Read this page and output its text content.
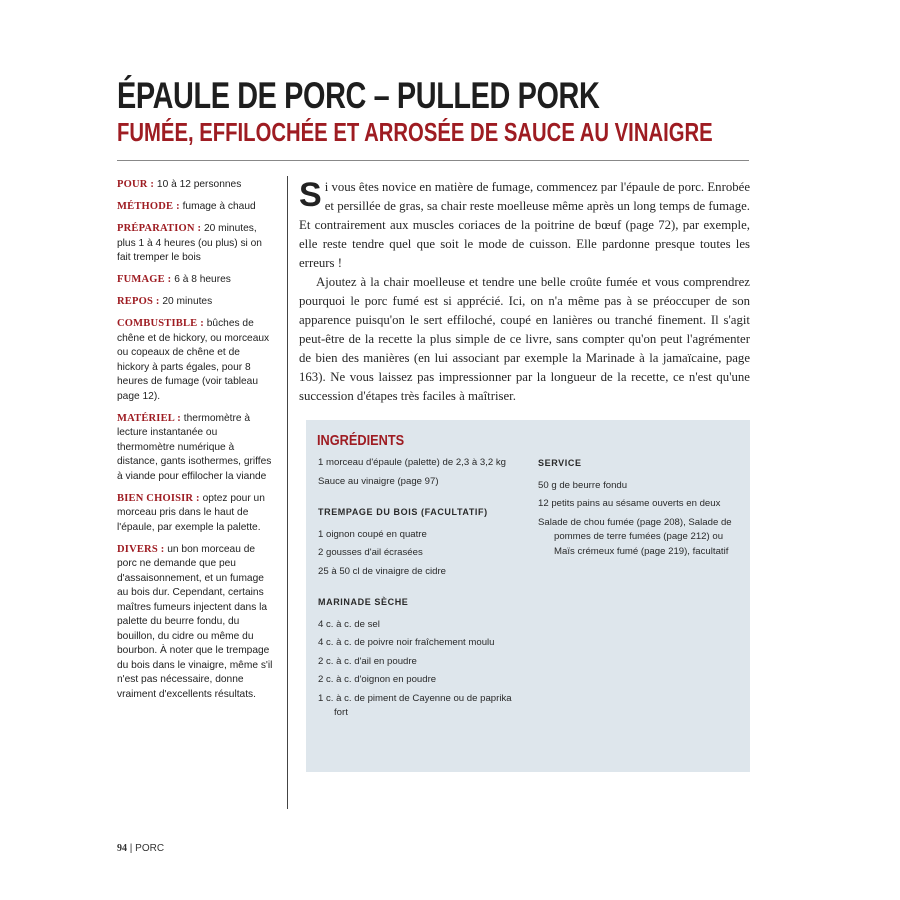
ÉPAULE DE PORC – PULLED PORK
FUMÉE, EFFILOCHÉE ET ARROSÉE DE SAUCE AU VINAIGRE

POUR : 10 à 12 personnes

MÉTHODE : fumage à chaud

PRÉPARATION : 20 minutes, plus 1 à 4 heures (ou plus) si on fait tremper le bois

FUMAGE : 6 à 8 heures

REPOS : 20 minutes

COMBUSTIBLE : bûches de chêne et de hickory, ou morceaux ou copeaux de chêne et de hickory à parts égales, pour 8 heures de fumage (voir tableau page 12).

MATÉRIEL : thermomètre à lecture instantanée ou thermomètre numérique à distance, gants isothermes, griffes à viande pour effilocher la viande

BIEN CHOISIR : optez pour un morceau pris dans le haut de l'épaule, par exemple la palette.

DIVERS : un bon morceau de porc ne demande que peu d'assaisonnement, et un fumage au bois dur. Cependant, certains maîtres fumeurs injectent dans la palette du beurre fondu, du bouillon, du cidre ou même du bourbon. À noter que le trempage du bois dans le vinaigre, même s'il n'est pas nécessaire, donne vraiment d'excellents résultats.

Si vous êtes novice en matière de fumage, commencez par l'épaule de porc. Enrobée et persillée de gras, sa chair reste moelleuse même après un long temps de fumage. Et contrairement aux muscles coriaces de la poitrine de bœuf (page 72), par exemple, elle reste tendre quel que soit le mode de cuisson. Elle pardonne presque toutes les erreurs !

Ajoutez à la chair moelleuse et tendre une belle croûte fumée et vous comprendrez pourquoi le porc fumé est si apprécié. Ici, on n'a même pas à se préoccuper de son apparence puisqu'on le sert effiloché, coupé en lanières ou tranché finement. Il s'agit peut-être de la recette la plus simple de ce livre, sans compter qu'on peut l'agrémenter de bien des manières (en lui associant par exemple la Marinade à la jamaïcaine, page 163). Ne vous laissez pas impressionner par la longueur de la recette, ce n'est qu'une succession d'étapes très faciles à maîtriser.

INGRÉDIENTS
1 morceau d'épaule (palette) de 2,3 à 3,2 kg
Sauce au vinaigre (page 97)
TREMPAGE DU BOIS (FACULTATIF)
1 oignon coupé en quatre
2 gousses d'ail écrasées
25 à 50 cl de vinaigre de cidre
MARINADE SÈCHE
4 c. à c. de sel
4 c. à c. de poivre noir fraîchement moulu
2 c. à c. d'ail en poudre
2 c. à c. d'oignon en poudre
1 c. à c. de piment de Cayenne ou de paprika fort
SERVICE
50 g de beurre fondu
12 petits pains au sésame ouverts en deux
Salade de chou fumée (page 208), Salade de pommes de terre fumées (page 212) ou Maïs crémeux fumé (page 219), facultatif
94 | PORC
